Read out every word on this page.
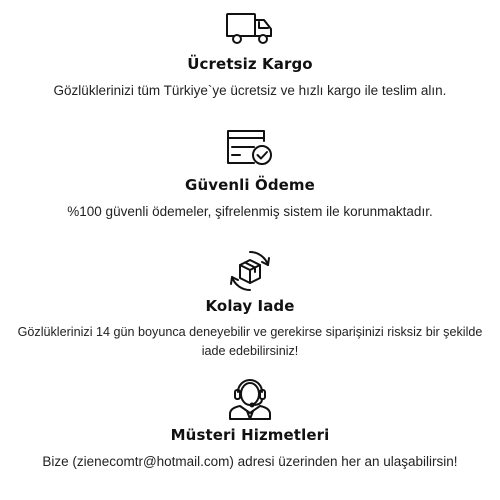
Ücretsiz Kargo
Gözlüklerinizi tüm Türkiye`ye ücretsiz ve hızlı kargo ile teslim alın.
Güvenli Ödeme
%100 güvenli ödemeler, şifrelenmiş sistem ile korunmaktadır.
Kolay Iade
Gözlüklerinizi 14 gün boyunca deneyebilir ve gerekirse siparişinizi risksiz bir şekilde
iade edebilirsiniz!
Müsteri Hizmetleri
Bize (zienecomtr@hotmail.com) adresi üzerinden her an ulaşabilirsin!
